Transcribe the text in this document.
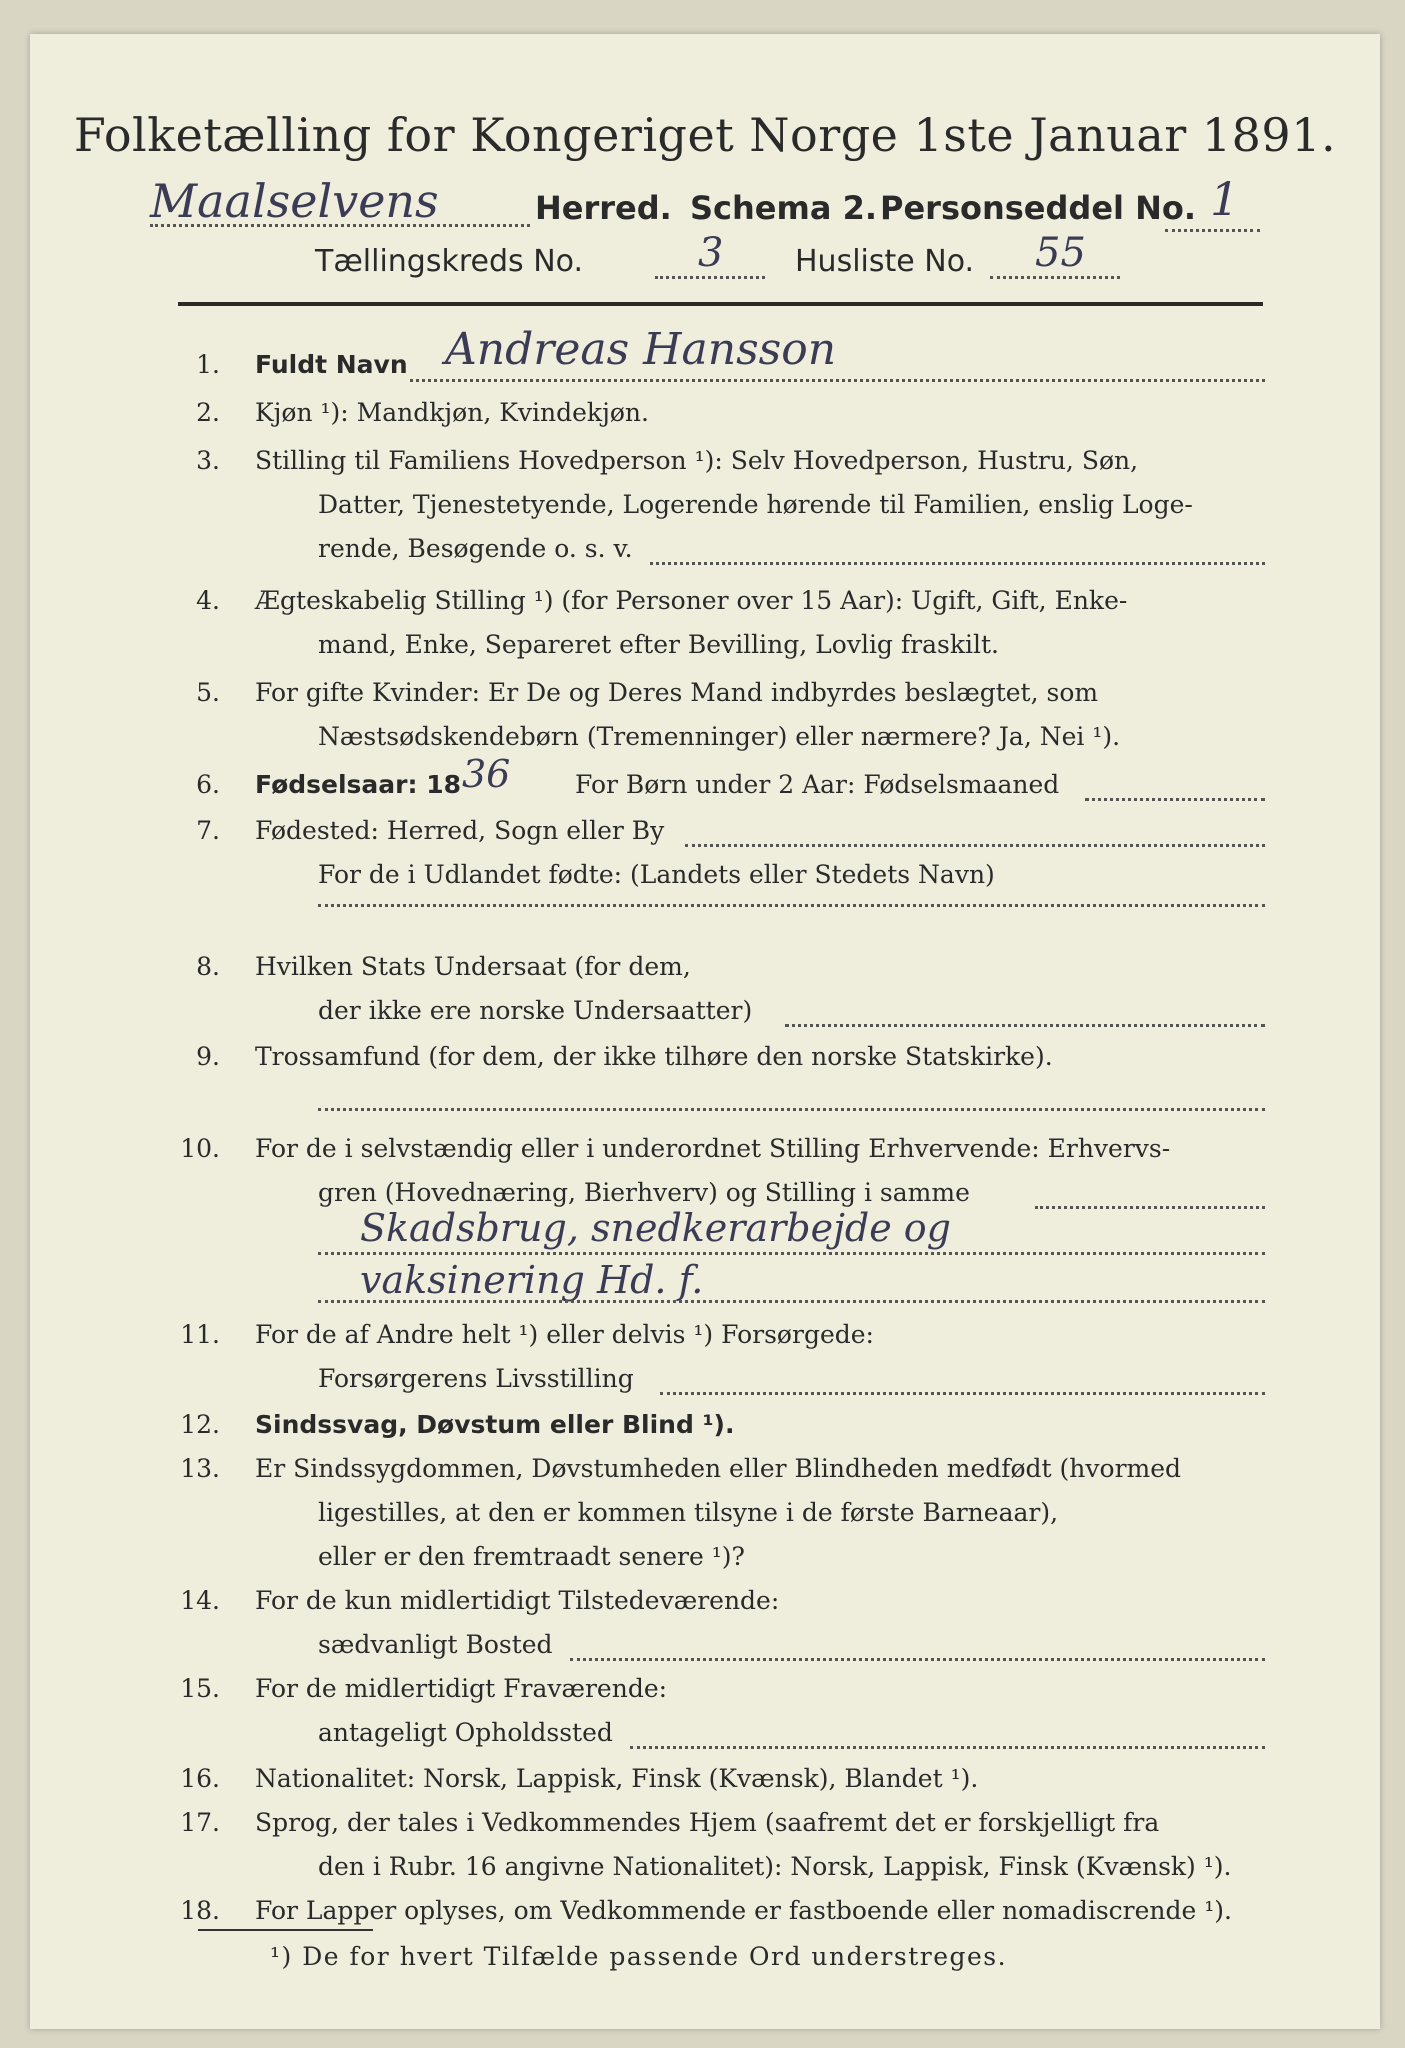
Folketælling for Kongeriget Norge 1ste Januar 1891.
Maalselvens	Herred. Schema 2. Personseddel No. 1
Tællingskreds No.	3 Husliste No. 55
1. Fuldt Navn Andreas Hansson
2. Kjøn ¹): Mandkjøn, Kvindekjøn.
3. Stilling til Familiens Hovedperson ¹): Selv Hovedperson, Hustru, Søn,
Datter, Tjenestetyende, Logerende hørende til Familien, enslig Loge-
rende, Besøgende o. s. v.
4. Ægteskabelig Stilling ¹) (for Personer over 15 Aar): Ugift, Gift, Enke-
mand, Enke, Separeret efter Bevilling, Lovlig fraskilt.
5. For gifte Kvinder: Er De og Deres Mand indbyrdes beslægtet, som
Næstsødskendebørn (Tremenninger) eller nærmere? Ja, Nei ¹).
6. Fødselsaar: 18 36	For Børn under 2 Aar: Fødselsmaaned
7. Fødested: Herred, Sogn eller By
For de i Udlandet fødte: (Landets eller Stedets Navn)
8. Hvilken Stats Undersaat (for dem,
der ikke ere norske Undersaatter)
9. Trossamfund (for dem, der ikke tilhøre den norske Statskirke).
10. For de i selvstændig eller i underordnet Stilling Erhvervende: Erhvervs-
gren (Hovednæring, Bierhverv) og Stilling i samme
Skadsbrug, snedkerarbejde og
vaksinering Hd. f.
11. For de af Andre helt ¹) eller delvis ¹) Forsørgede:
Forsørgerens Livsstilling
12. Sindssvag, Døvstum eller Blind ¹).
13. Er Sindssygdommen, Døvstumheden eller Blindheden medfødt (hvormed
ligestilles, at den er kommen tilsyne i de første Barneaar),
eller er den fremtraadt senere ¹)?
14. For de kun midlertidigt Tilstedeværende:
sædvanligt Bosted
15. For de midlertidigt Fraværende:
antageligt Opholdssted
16. Nationalitet: Norsk, Lappisk, Finsk (Kvænsk), Blandet ¹).
17. Sprog, der tales i Vedkommendes Hjem (saafremt det er forskjelligt fra
den i Rubr. 16 angivne Nationalitet): Norsk, Lappisk, Finsk (Kvænsk) ¹).
18. For Lapper oplyses, om Vedkommende er fastboende eller nomadiscrende ¹).
¹) De for hvert Tilfælde passende Ord understreges.
